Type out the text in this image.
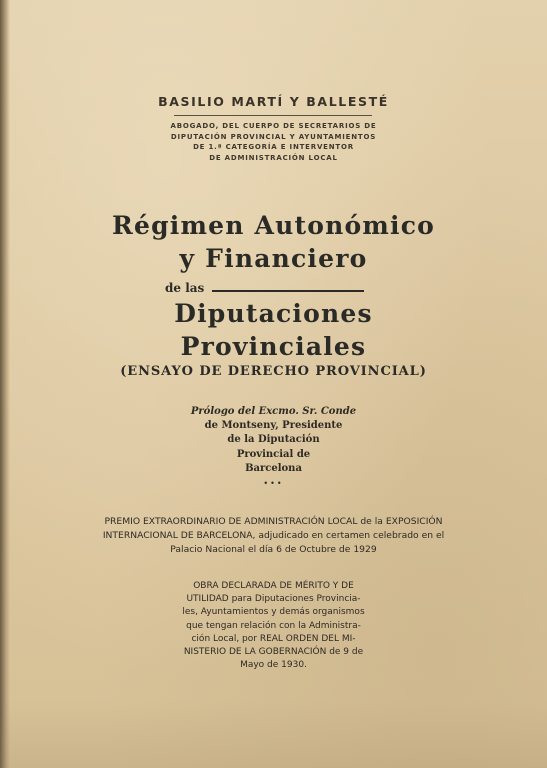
BASILIO MARTÍ Y BALLESTÉ
ABOGADO, DEL CUERPO DE SECRETARIOS DE
DIPUTACIÓN PROVINCIAL Y AYUNTAMIENTOS
DE 1.ª CATEGORÍA E INTERVENTOR
DE ADMINISTRACIÓN LOCAL
Régimen Autonómico
y Financiero
de las
Diputaciones
Provinciales
(ENSAYO DE DERECHO PROVINCIAL)
Prólogo del Excmo. Sr. Conde
de Montseny, Presidente
de la Diputación
Provincial de
Barcelona
•••
PREMIO EXTRAORDINARIO DE ADMINISTRACIÓN LOCAL de la EXPOSICIÓN
INTERNACIONAL DE BARCELONA, adjudicado en certamen celebrado en el
Palacio Nacional el día 6 de Octubre de 1929
OBRA DECLARADA DE MÉRITO Y DE
UTILIDAD para Diputaciones Provincia-
les, Ayuntamientos y demás organismos
que tengan relación con la Administra-
ción Local, por REAL ORDEN DEL MI-
NISTERIO DE LA GOBERNACIÓN de 9 de
Mayo de 1930.
